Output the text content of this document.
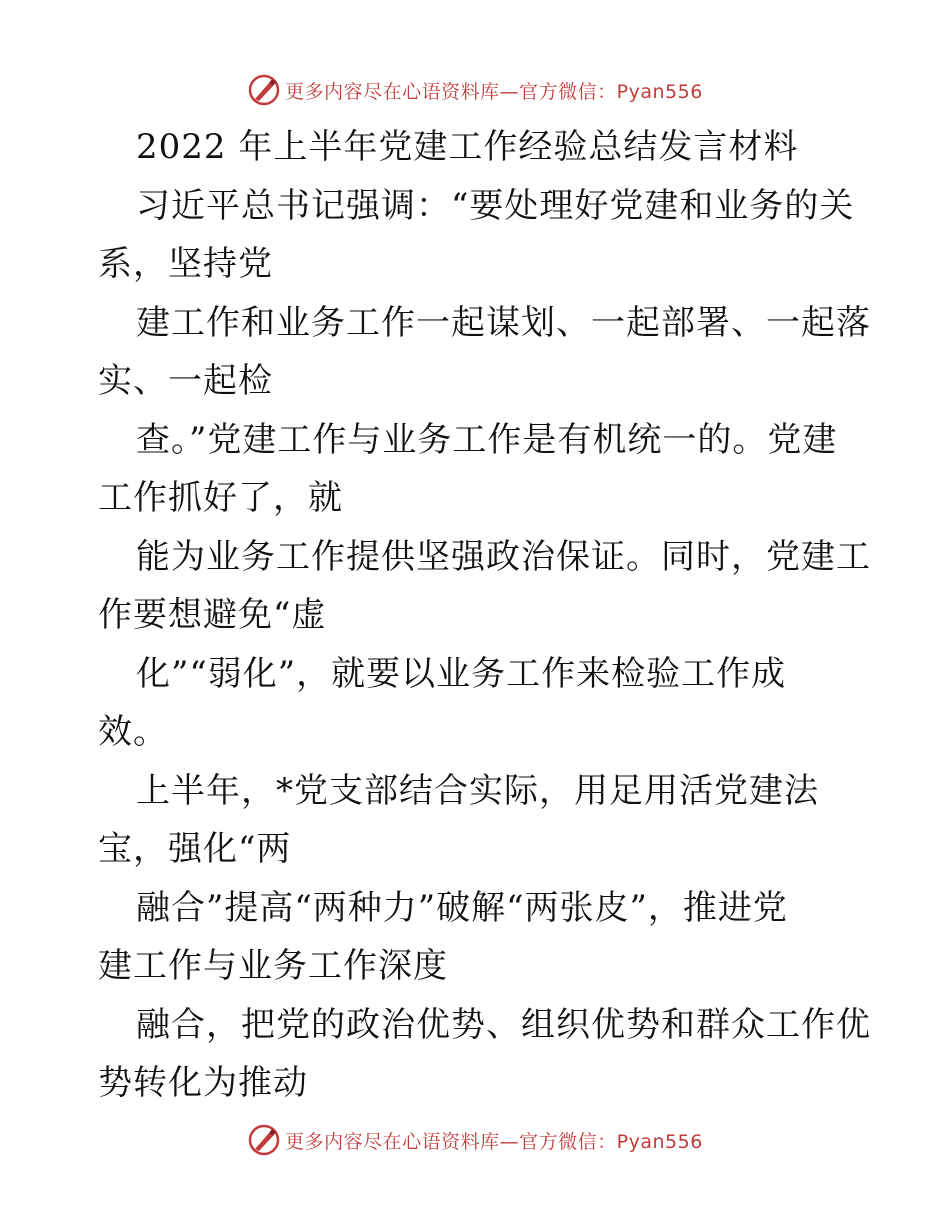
更多内容尽在心语资料库—官方微信：Pyan556
2022 年上半年党建工作经验总结发言材料
习近平总书记强调：“要处理好党建和业务的关
系，坚持党
建工作和业务工作一起谋划、一起部署、一起落
实、一起检
查。”党建工作与业务工作是有机统一的。党建
工作抓好了，就
能为业务工作提供坚强政治保证。同时，党建工
作要想避免“虚
化”“弱化”，就要以业务工作来检验工作成
效。
上半年，*党支部结合实际，用足用活党建法
宝，强化“两
融合”提高“两种力”破解“两张皮”，推进党
建工作与业务工作深度
融合，把党的政治优势、组织优势和群众工作优
势转化为推动
更多内容尽在心语资料库—官方微信：Pyan556
